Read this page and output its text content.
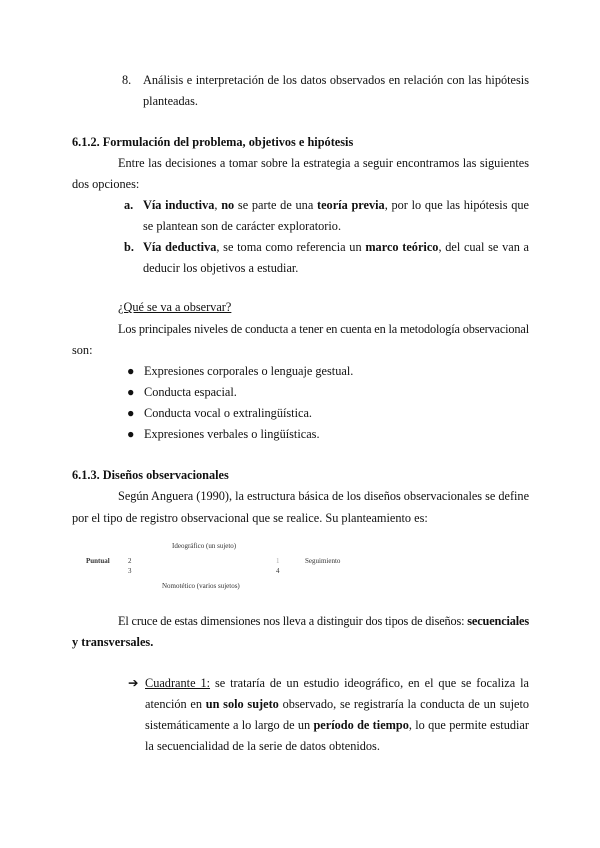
8. Análisis e interpretación de los datos observados en relación con las hipótesis
planteadas.
6.1.2. Formulación del problema, objetivos e hipótesis
Entre las decisiones a tomar sobre la estrategia a seguir encontramos las siguientes
dos opciones:
a. Vía inductiva, no se parte de una teoría previa, por lo que las hipótesis que
se plantean son de carácter exploratorio.
b. Vía deductiva, se toma como referencia un marco teórico, del cual se van a
deducir los objetivos a estudiar.
¿Qué se va a observar?
Los principales niveles de conducta a tener en cuenta en la metodología observacional
son:
● Expresiones corporales o lenguaje gestual.
● Conducta espacial.
● Conducta vocal o extralingüística.
● Expresiones verbales o lingüísticas.
6.1.3. Diseños observacionales
Según Anguera (1990), la estructura básica de los diseños observacionales se define
por el tipo de registro observacional que se realice. Su planteamiento es:
Ideográfico (un sujeto)
Puntual	2	1	Seguimiento
3	4
Nomotético (varios sujetos)
El cruce de estas dimensiones nos lleva a distinguir dos tipos de diseños: secuenciales
y transversales.
➔ Cuadrante 1: se trataría de un estudio ideográfico, en el que se focaliza la
atención en un solo sujeto observado, se registraría la conducta de un sujeto
sistemáticamente a lo largo de un período de tiempo, lo que permite estudiar
la secuencialidad de la serie de datos obtenidos.
